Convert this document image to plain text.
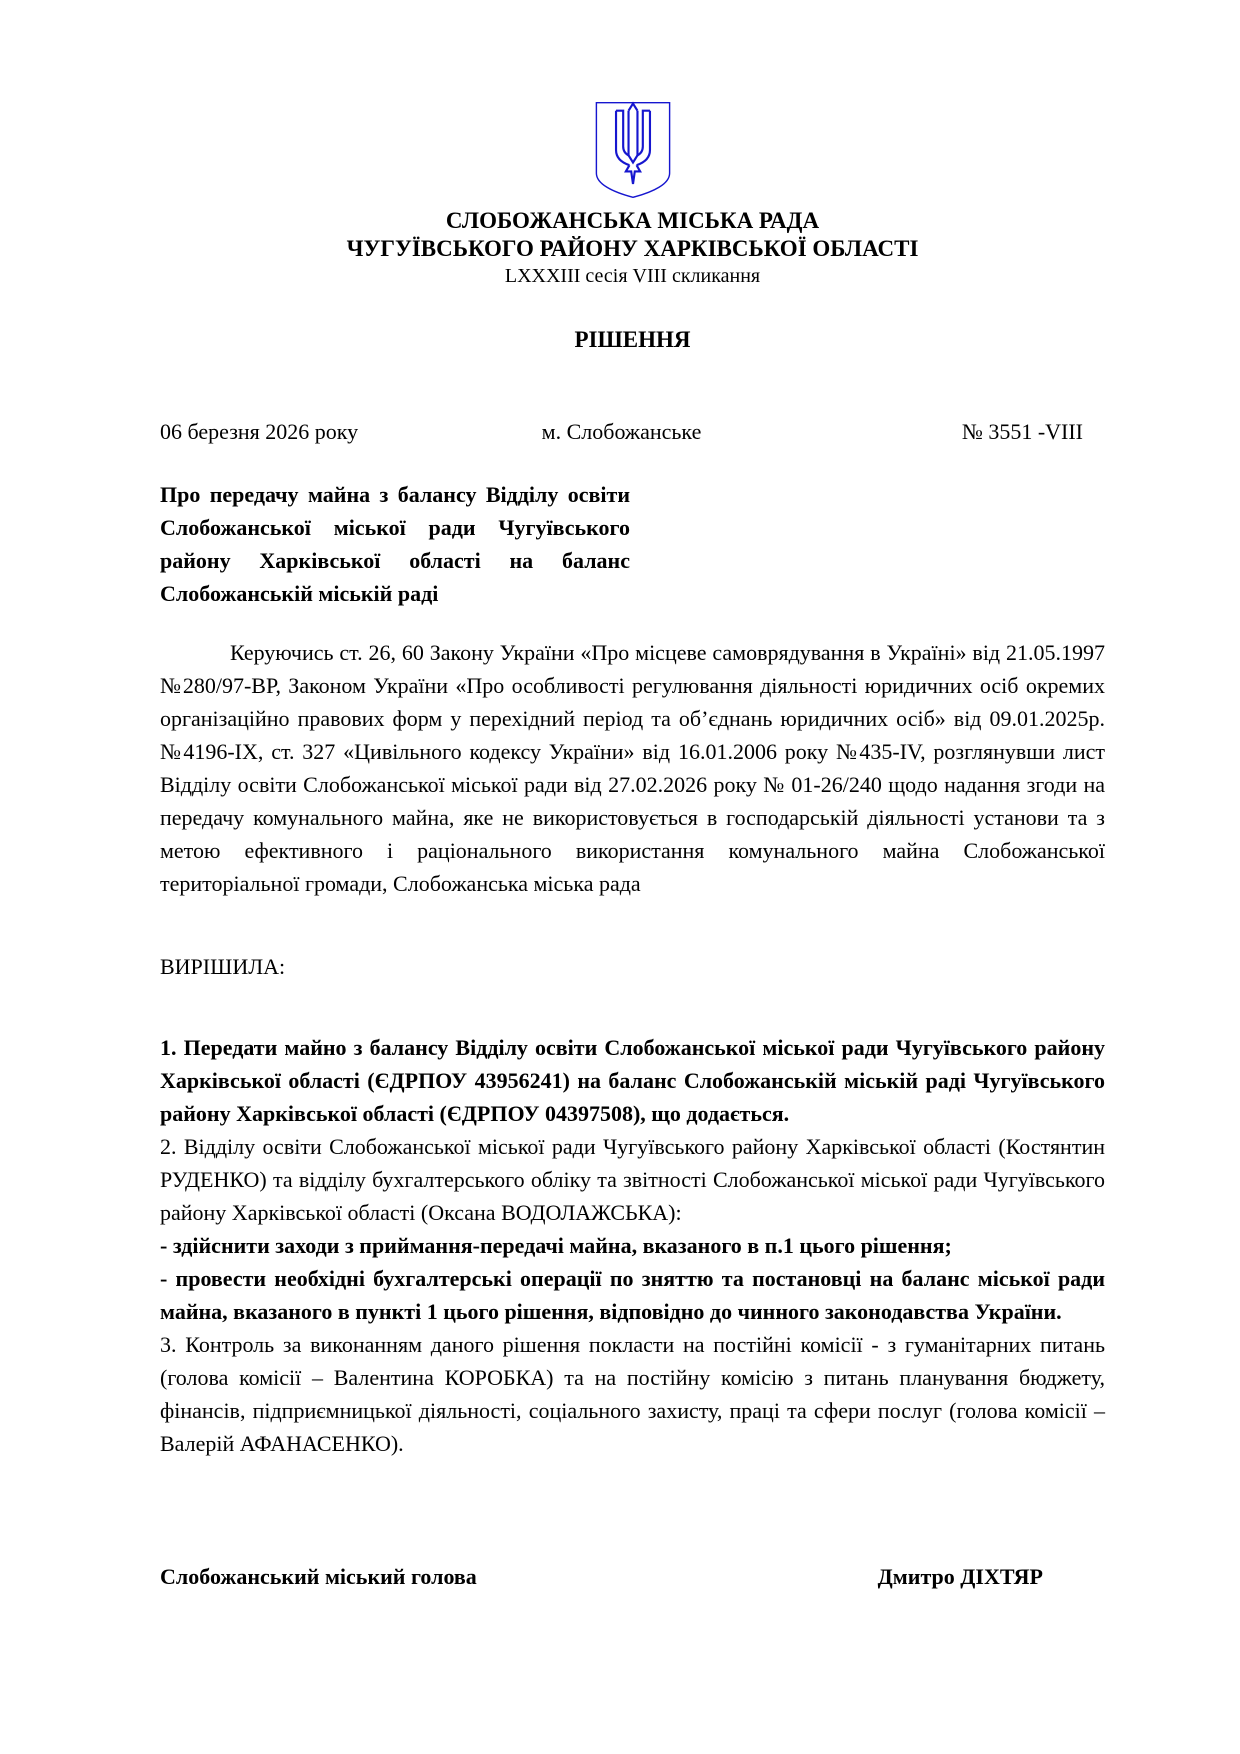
СЛОБОЖАНСЬКА МІСЬКА РАДА
ЧУГУЇВСЬКОГО РАЙОНУ ХАРКІВСЬКОЇ ОБЛАСТІ
LXXXIII сесія VIII скликання
РІШЕННЯ
06 березня 2026 року	м. Слобожанське	№ 3551 -VIII
Про передачу майна з балансу Відділу освіти Слобожанської міської ради Чугуївського району Харківської області на баланс Слобожанській міській раді
Керуючись ст. 26, 60 Закону України «Про місцеве самоврядування в Україні» від 21.05.1997 №280/97-ВР, Законом України «Про особливості регулювання діяльності юридичних осіб окремих організаційно правових форм у перехідний період та об’єднань юридичних осіб» від 09.01.2025р. №4196-IX, ст. 327 «Цивільного кодексу України» від 16.01.2006 року №435-IV, розглянувши лист Відділу освіти Слобожанської міської ради від 27.02.2026 року № 01-26/240 щодо надання згоди на передачу комунального майна, яке не використовується в господарській діяльності установи та з метою ефективного і раціонального використання комунального майна Слобожанської територіальної громади, Слобожанська міська рада
ВИРІШИЛА:

1. Передати майно з балансу Відділу освіти Слобожанської міської ради Чугуївського району Харківської області (ЄДРПОУ 43956241) на баланс Слобожанській міській раді Чугуївського району Харківської області (ЄДРПОУ 04397508), що додається.

2. Відділу освіти Слобожанської міської ради Чугуївського району Харківської області (Костянтин РУДЕНКО) та відділу бухгалтерського обліку та звітності Слобожанської міської ради Чугуївського району Харківської області (Оксана ВОДОЛАЖСЬКА):

- здійснити заходи з приймання-передачі майна, вказаного в п.1 цього рішення;

- провести необхідні бухгалтерські операції по зняттю та постановці на баланс міської ради майна, вказаного в пункті 1 цього рішення, відповідно до чинного законодавства України.

3. Контроль за виконанням даного рішення покласти на постійні комісії - з гуманітарних питань (голова комісії – Валентина КОРОБКА) та на постійну комісію з питань планування бюджету, фінансів, підприємницької діяльності, соціального захисту, праці та сфери послуг (голова комісії – Валерій АФАНАСЕНКО).

Слобожанський міський голова	Дмитро ДІХТЯР
